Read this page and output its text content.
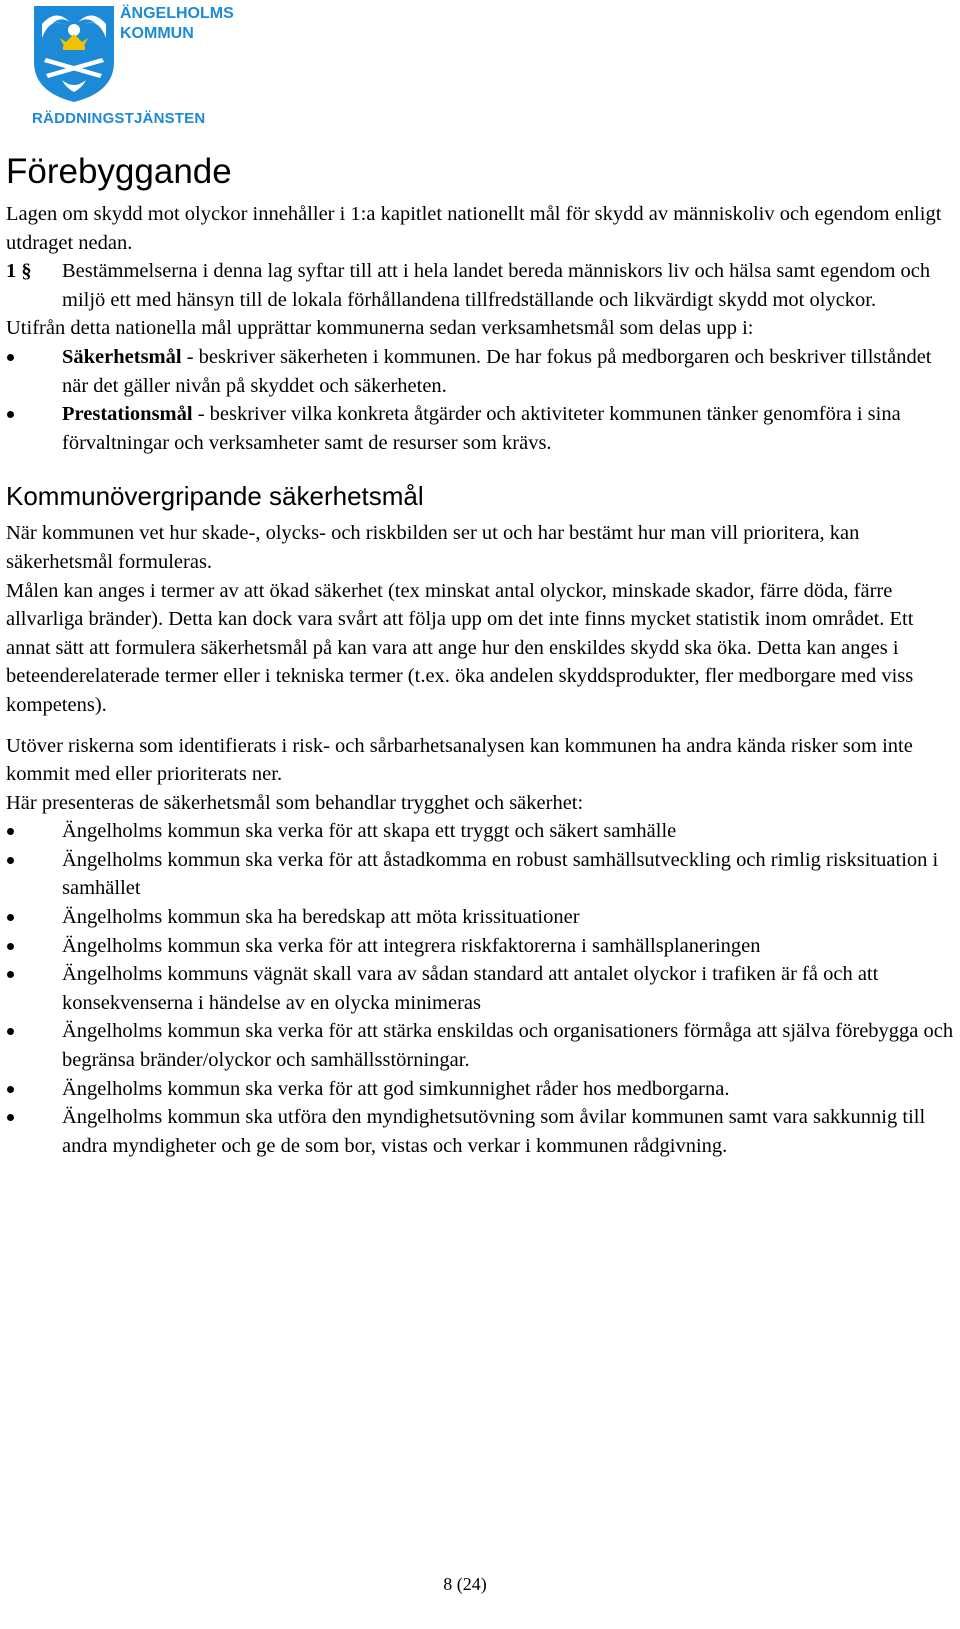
ÄNGELHOLMS
KOMMUN
RÄDDNINGSTJÄNSTEN
Förebyggande

Lagen om skydd mot olyckor innehåller i 1:a kapitlet nationellt mål för skydd av människoliv och egendom enligt utdraget nedan.

1 §	Bestämmelserna i denna lag syftar till att i hela landet bereda människors liv och hälsa samt egendom och miljö ett med hänsyn till de lokala förhållandena tillfredställande och likvärdigt skydd mot olyckor.

Utifrån detta nationella mål upprättar kommunerna sedan verksamhetsmål som delas upp i:

Säkerhetsmål - beskriver säkerheten i kommunen. De har fokus på medborgaren och beskriver tillståndet när det gäller nivån på skyddet och säkerheten.
Prestationsmål - beskriver vilka konkreta åtgärder och aktiviteter kommunen tänker genomföra i sina förvaltningar och verksamheter samt de resurser som krävs.
Kommunövergripande säkerhetsmål

När kommunen vet hur skade-, olycks- och riskbilden ser ut och har bestämt hur man vill prioritera, kan säkerhetsmål formuleras.

Målen kan anges i termer av att ökad säkerhet (tex minskat antal olyckor, minskade skador, färre döda, färre allvarliga bränder). Detta kan dock vara svårt att följa upp om det inte finns mycket statistik inom området. Ett annat sätt att formulera säkerhetsmål på kan vara att ange hur den enskildes skydd ska öka. Detta kan anges i beteenderelaterade termer eller i tekniska termer (t.ex. öka andelen skyddsprodukter, fler medborgare med viss kompetens).

Utöver riskerna som identifierats i risk- och sårbarhetsanalysen kan kommunen ha andra kända risker som inte kommit med eller prioriterats ner.

Här presenteras de säkerhetsmål som behandlar trygghet och säkerhet:

Ängelholms kommun ska verka för att skapa ett tryggt och säkert samhälle
Ängelholms kommun ska verka för att åstadkomma en robust samhällsutveckling och rimlig risksituation i samhället
Ängelholms kommun ska ha beredskap att möta krissituationer
Ängelholms kommun ska verka för att integrera riskfaktorerna i samhällsplaneringen
Ängelholms kommuns vägnät skall vara av sådan standard att antalet olyckor i trafiken är få och att konsekvenserna i händelse av en olycka minimeras
Ängelholms kommun ska verka för att stärka enskildas och organisationers förmåga att själva förebygga och begränsa bränder/olyckor och samhällsstörningar.
Ängelholms kommun ska verka för att god simkunnighet råder hos medborgarna.
Ängelholms kommun ska utföra den myndighetsutövning som åvilar kommunen samt vara sakkunnig till andra myndigheter och ge de som bor, vistas och verkar i kommunen rådgivning.
8 (24)
